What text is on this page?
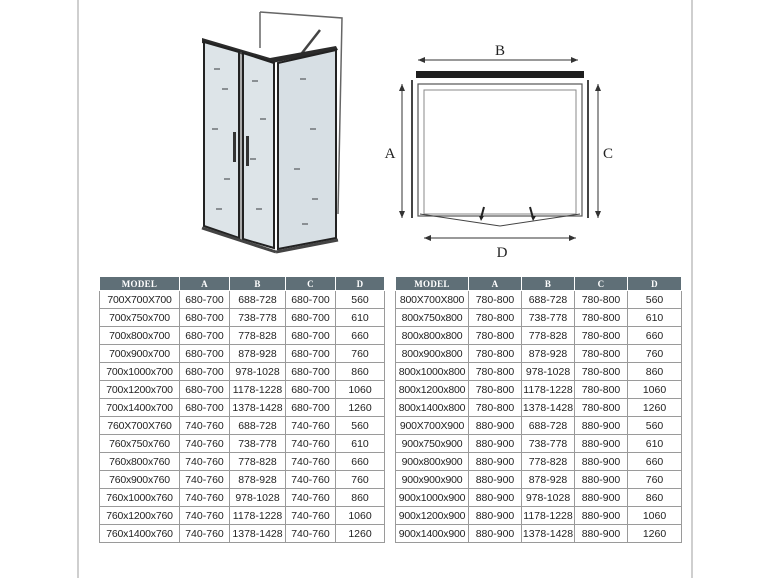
B
A	C
D
MODEL	A	B	C	D
700X700X700	680-700	688-728	680-700	560
700x750x700	680-700	738-778	680-700	610
700x800x700	680-700	778-828	680-700	660
700x900x700	680-700	878-928	680-700	760
700x1000x700	680-700	978-1028	680-700	860
700x1200x700	680-700	1178-1228	680-700	1060
700x1400x700	680-700	1378-1428	680-700	1260
760X700X760	740-760	688-728	740-760	560
760x750x760	740-760	738-778	740-760	610
760x800x760	740-760	778-828	740-760	660
760x900x760	740-760	878-928	740-760	760
760x1000x760	740-760	978-1028	740-760	860
760x1200x760	740-760	1178-1228	740-760	1060
760x1400x760	740-760	1378-1428	740-760	1260
MODEL	A	B	C	D
800X700X800	780-800	688-728	780-800	560
800x750x800	780-800	738-778	780-800	610
800x800x800	780-800	778-828	780-800	660
800x900x800	780-800	878-928	780-800	760
800x1000x800	780-800	978-1028	780-800	860
800x1200x800	780-800	1178-1228	780-800	1060
800x1400x800	780-800	1378-1428	780-800	1260
900X700X900	880-900	688-728	880-900	560
900x750x900	880-900	738-778	880-900	610
900x800x900	880-900	778-828	880-900	660
900x900x900	880-900	878-928	880-900	760
900x1000x900	880-900	978-1028	880-900	860
900x1200x900	880-900	1178-1228	880-900	1060
900x1400x900	880-900	1378-1428	880-900	1260
